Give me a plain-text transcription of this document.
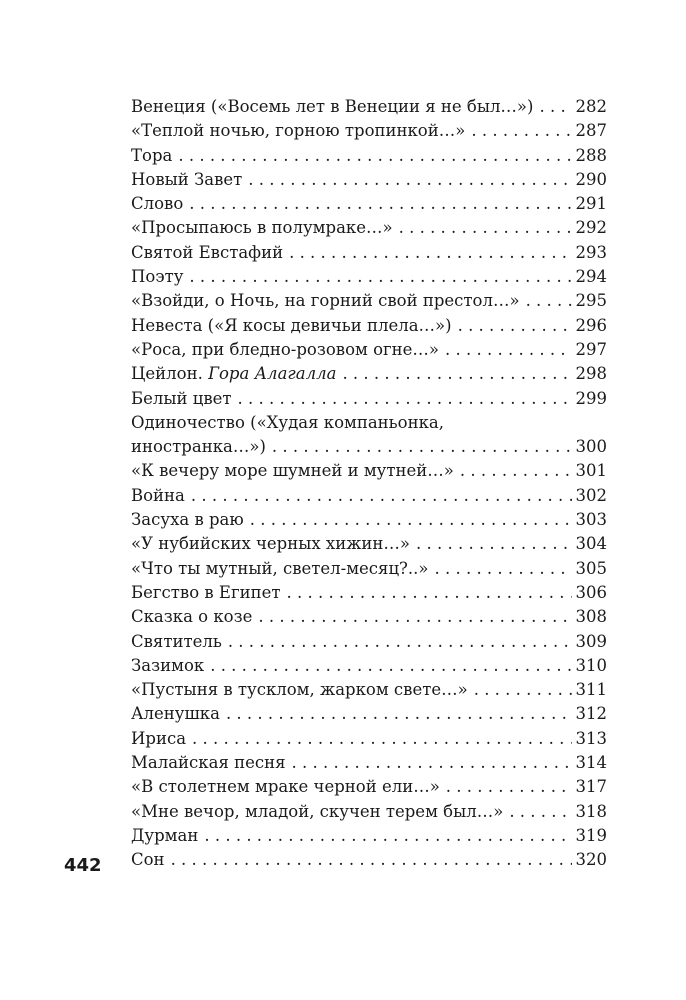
Венеция («Восемь лет в Венеции я не был…») . . .	282
«Теплой ночью, горною тропинкой…» . . .	287
Тора . . .	288
Новый Завет . . .	290
Слово . . .	291
«Просыпаюсь в полумраке…» . . .	292
Святой Евстафий . . .	293
Поэту . . .	294
«Взойди, о Ночь, на горний свой престол…» . . .	295
Невеста («Я косы девичьи плела…») . . .	296
«Роса, при бледно-розовом огне…» . . .	297
Цейлон. Гора Алагалла . . .	298
Белый цвет . . .	299
Одиночество («Худая компаньонка,
иностранка…») . . .	300
«К вечеру море шумней и мутней…» . . .	301
Война . . .	302
Засуха в раю . . .	303
«У нубийских черных хижин…» . . .	304
«Что ты мутный, светел-месяц?..» . . .	305
Бегство в Египет . . .	306
Сказка о козе . . .	308
Святитель . . .	309
Зазимок . . .	310
«Пустыня в тусклом, жарком свете…» . . .	311
Аленушка . . .	312
Ириса . . .	313
Малайская песня . . .	314
«В столетнем мраке черной ели…» . . .	317
«Мне вечор, младой, скучен терем был…» . . .	318
Дурман . . .	319
Сон . . .	320
442
